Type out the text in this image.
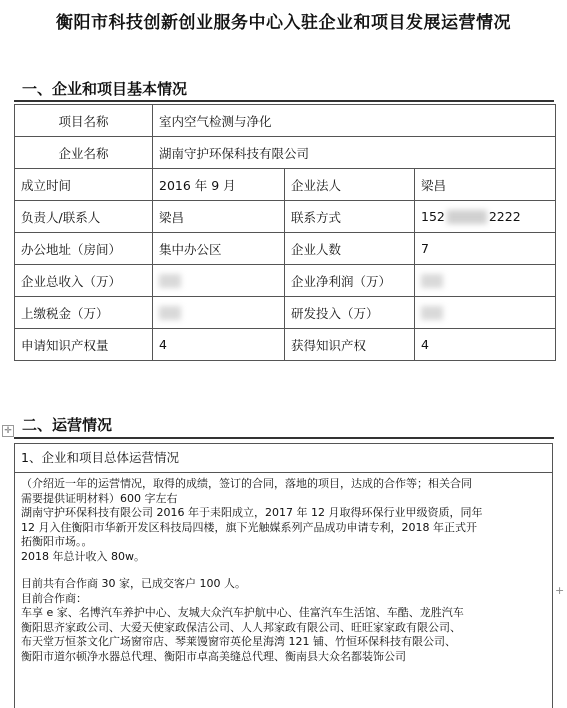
衡阳市科技创新创业服务中心入驻企业和项目发展运营情况
一、企业和项目基本情况
项目名称	室内空气检测与净化		
企业名称	湖南守护环保科技有限公司		
成立时间	2016 年 9 月	企业法人	梁昌
负责人/联系人	梁昌	联系方式	152 2222
办公地址（房间）	集中办公区	企业人数	7
企业总收入（万）		企业净利润（万）	
上缴税金（万）		研发投入（万）	
申请知识产权量	4	获得知识产权	4
✛ 二、运营情况
1、企业和项目总体运营情况

（介绍近一年的运营情况，取得的成绩，签订的合同，落地的项目，达成的合作等；相关合同

需要提供证明材料）600 字左右

湖南守护环保科技有限公司 2016 年于耒阳成立，2017 年 12 月取得环保行业甲级资质，同年

12 月入住衡阳市华新开发区科技局四楼，旗下光触媒系列产品成功申请专利，2018 年正式开

拓衡阳市场。。

2018 年总计收入 80w。

目前共有合作商 30 家，已成交客户 100 人。

目前合作商：

车享 e 家、名博汽车养护中心、友城大众汽车护航中心、佳富汽车生活馆、车酷、龙胜汽车

衡阳思齐家政公司、大爱天使家政保洁公司、人人邦家政有限公司、旺旺家家政有限公司、

布天堂万恒茶文化广场窗帘店、琴莱馒窗帘英伦星海湾 121 铺、竹恒环保科技有限公司、

衡阳市道尔顿净水器总代理、衡阳市卓高美缝总代理、衡南县大众名都装饰公司

+
